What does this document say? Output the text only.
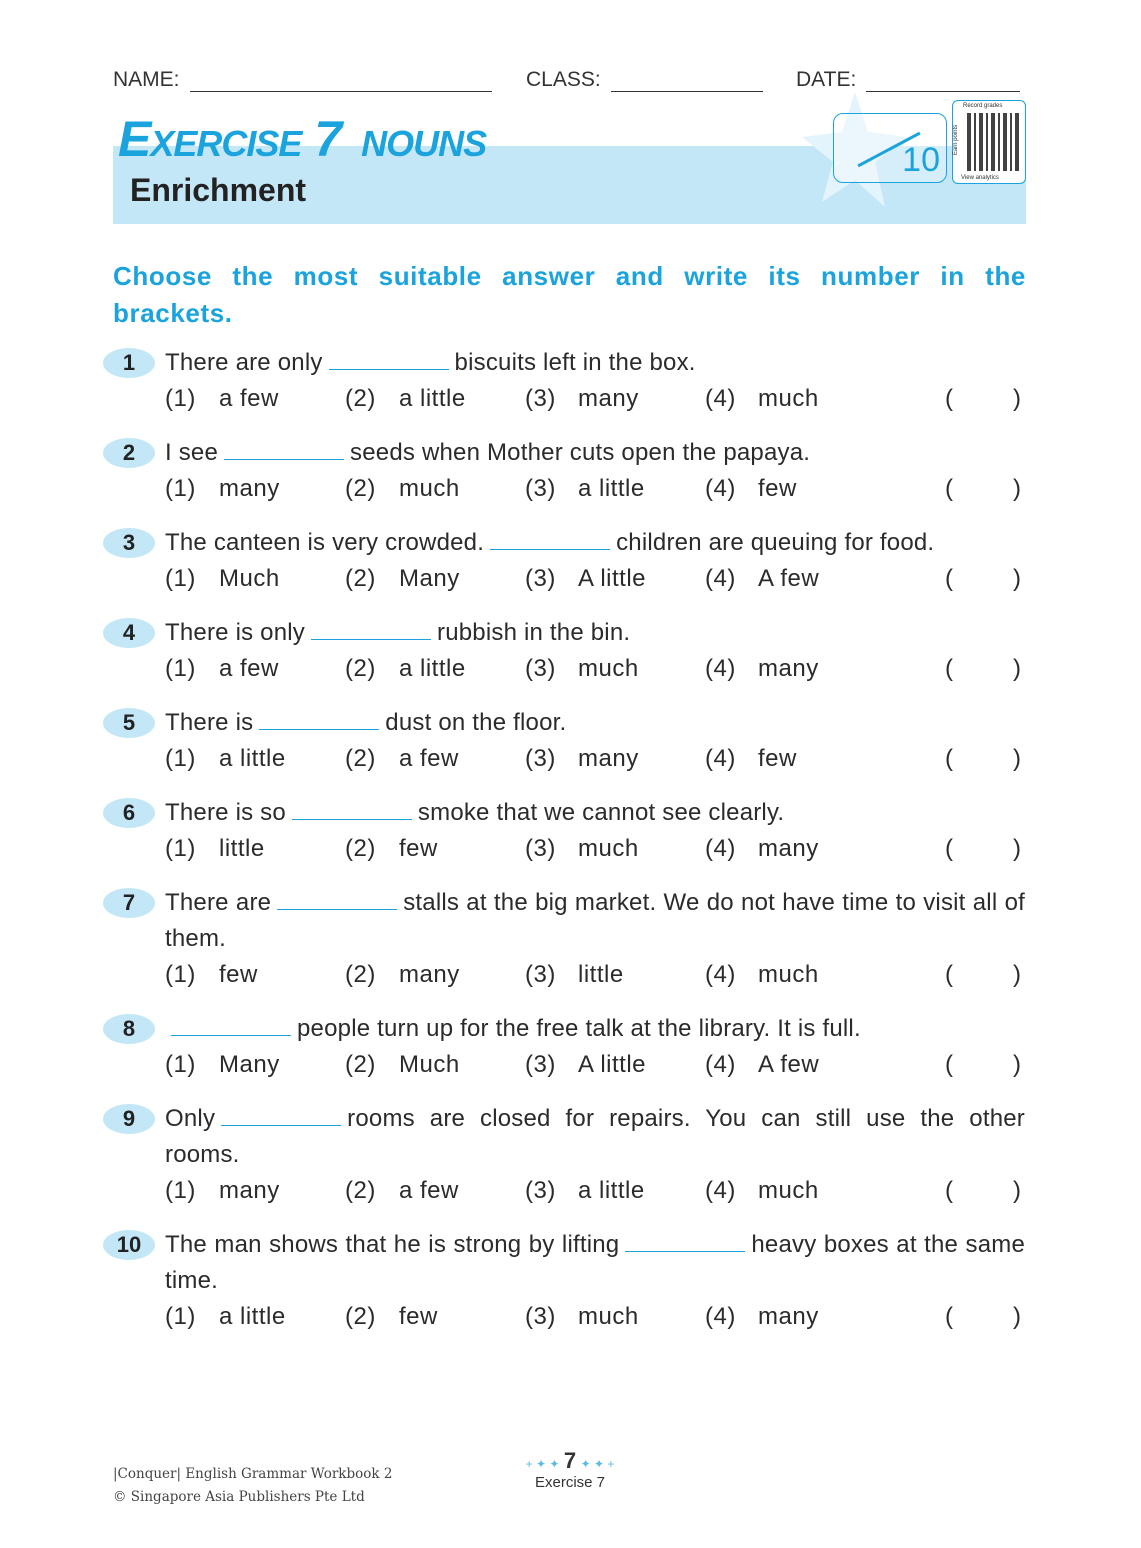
NAME:	CLASS:	DATE:
EXERCISE 7 NOUNS
Enrichment
10
Record grades
Earn points
View analytics
Choose the most suitable answer and write its number in the brackets.
1	There are only	biscuits left in the box.
(1) a few	(2) a little (3) many	(4) much	( )
2	I see	seeds when Mother cuts open the papaya.
(1) many	(2) much	(3) a little	(4) few	( )
3	The canteen is very crowded.	children are queuing for food.
(1) Much	(2) Many	(3) A little (4) A few	( )
4	There is only	rubbish in the bin.
(1) a few	(2) a little (3) much	(4) many	( )
5	There is	dust on the floor.
(1) a little (2) a few	(3) many	(4) few	( )
6	There is so	smoke that we cannot see clearly.
(1) little	(2) few	(3) much	(4) many	( )
7	There are	stalls at the big market. We do not have time to visit all of them.
(1) few	(2) many	(3) little	(4) much	( )
8	people turn up for the free talk at the library. It is full.
(1) Many	(2) Much	(3) A little (4) A few	( )
9	Only	rooms are closed for repairs. You can still use the other rooms.
(1) many	(2) a few	(3) a little	(4) much	( )
10 The man shows that he is strong by lifting	heavy boxes at the same time.
(1) a little (2) few	(3) much	(4) many	( )
|Conquer| English Grammar Workbook 2
© Singapore Asia Publishers Pte Ltd
+ ✦ ✦ 7 ✦ ✦ +
Exercise 7
